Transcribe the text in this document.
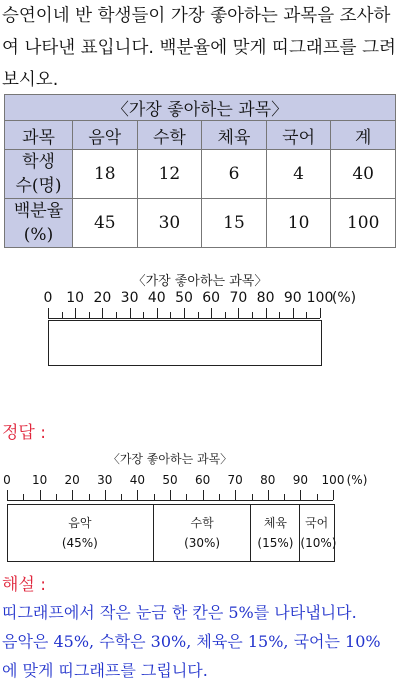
승연이네 반 학생들이 가장 좋아하는 과목을 조사하
여 나타낸 표입니다. 백분율에 맞게 띠그래프를 그려
보시오.
〈가장 좋아하는 과목〉					
과목	음악	수학	체육	국어	계
학생
수(명)	18	12	6	4	40
백분율
(%)	45	30	15	10	100
〈가장 좋아하는 과목〉
0 10 20 30 40 50 60 70 80 90 100
(%)
정답 :
〈가장 좋아하는 과목〉
0 10 20 30 40 50 60 70 80 90 100 (%)
음악
(45%)
수학
(30%)
체육
(15%)
국어
(10%)
해설 :
띠그래프에서 작은 눈금 한 칸은 5%를 나타냅니다.
음악은 45%, 수학은 30%, 체육은 15%, 국어는 10%
에 맞게 띠그래프를 그립니다.
